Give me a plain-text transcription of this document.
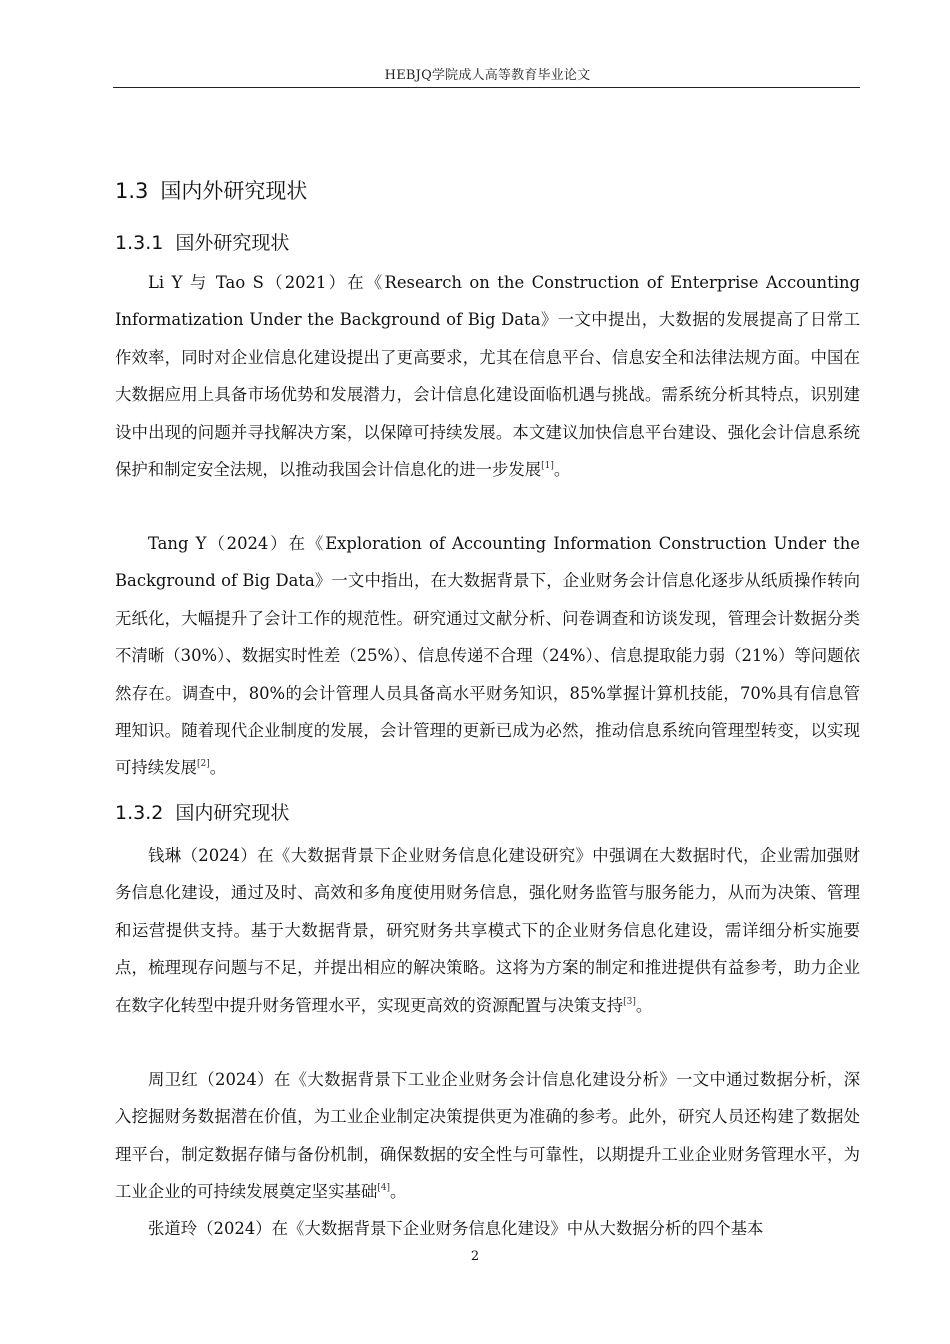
HEBJQ学院成人高等教育毕业论文
1.3 国内外研究现状
1.3.1 国外研究现状

Li Y 与 Tao S（2021）在《Research on the Construction of Enterprise Accounting Informatization Under the Background of Big Data》一文中提出，大数据的发展提高了日常工作效率，同时对企业信息化建设提出了更高要求，尤其在信息平台、信息安全和法律法规方面。中国在大数据应用上具备市场优势和发展潜力，会计信息化建设面临机遇与挑战。需系统分析其特点，识别建设中出现的问题并寻找解决方案，以保障可持续发展。本文建议加快信息平台建设、强化会计信息系统保护和制定安全法规，以推动我国会计信息化的进一步发展[1]。

Tang Y（2024）在《Exploration of Accounting Information Construction Under the Background of Big Data》一文中指出，在大数据背景下，企业财务会计信息化逐步从纸质操作转向无纸化，大幅提升了会计工作的规范性。研究通过文献分析、问卷调查和访谈发现，管理会计数据分类不清晰（30%）、数据实时性差（25%）、信息传递不合理（24%）、信息提取能力弱（21%）等问题依然存在。调查中，80%的会计管理人员具备高水平财务知识，85%掌握计算机技能，70%具有信息管理知识。随着现代企业制度的发展，会计管理的更新已成为必然，推动信息系统向管理型转变，以实现可持续发展[2]。

1.3.2 国内研究现状

钱琳（2024）在《大数据背景下企业财务信息化建设研究》中强调在大数据时代，企业需加强财务信息化建设，通过及时、高效和多角度使用财务信息，强化财务监管与服务能力，从而为决策、管理和运营提供支持。基于大数据背景，研究财务共享模式下的企业财务信息化建设，需详细分析实施要点，梳理现存问题与不足，并提出相应的解决策略。这将为方案的制定和推进提供有益参考，助力企业在数字化转型中提升财务管理水平，实现更高效的资源配置与决策支持[3]。

周卫红（2024）在《大数据背景下工业企业财务会计信息化建设分析》一文中通过数据分析，深入挖掘财务数据潜在价值，为工业企业制定决策提供更为准确的参考。此外，研究人员还构建了数据处理平台，制定数据存储与备份机制，确保数据的安全性与可靠性，以期提升工业企业财务管理水平，为工业企业的可持续发展奠定坚实基础[4]。

张道玲（2024）在《大数据背景下企业财务信息化建设》中从大数据分析的四个基本

2
